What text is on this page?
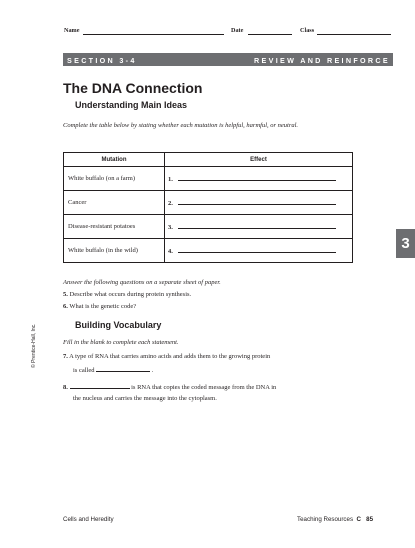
Name	Date	Class
SECTION 3-4	REVIEW AND REINFORCE
The DNA Connection
Understanding Main Ideas
Complete the table below by stating whether each mutation is helpful, harmful, or neutral.
Mutation	Effect
White buffalo (on a farm)	1.
Cancer	2.
Disease-resistant potatoes	3.
White buffalo (in the wild)	4.	3
Answer the following questions on a separate sheet of paper.
5. Describe what occurs during protein synthesis.
6. What is the genetic code?
Building Vocabulary
Fill in the blank to complete each statement.
7. A type of RNA that carries amino acids and adds them to the growing protein
is called	.
8.	is RNA that copies the coded message from the DNA in
the nucleus and carries the message into the cytoplasm.
© Prentice-Hall, Inc.
Cells and Heredity	Teaching Resources C 85
